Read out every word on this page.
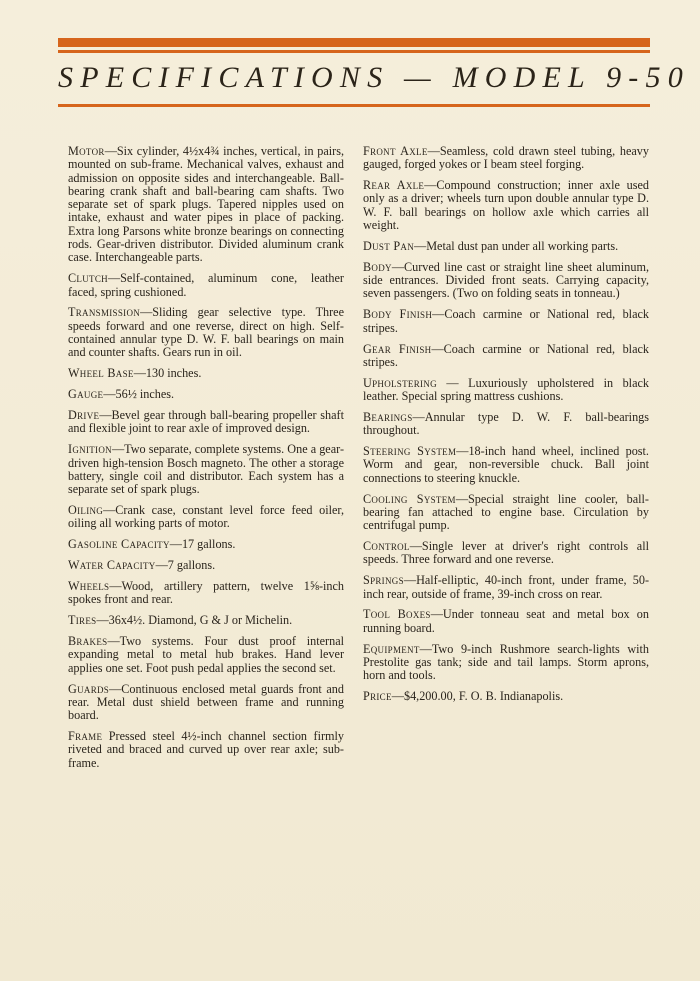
SPECIFICATIONS — MODEL 9-50

Motor—Six cylinder, 4½x4¾ inches, vertical, in pairs, mounted on sub-frame. Mechanical valves, exhaust and admission on opposite sides and interchangeable. Ball-bearing crank shaft and ball-bearing cam shafts. Two separate set of spark plugs. Tapered nipples used on intake, exhaust and water pipes in place of packing. Extra long Parsons white bronze bearings on connecting rods. Gear-driven distributor. Divided aluminum crank case. Interchangeable parts.

Clutch—Self-contained, aluminum cone, leather faced, spring cushioned.

Transmission—Sliding gear selective type. Three speeds forward and one reverse, direct on high. Self-contained annular type D. W. F. ball bearings on main and counter shafts. Gears run in oil.

Wheel Base—130 inches.

Gauge—56½ inches.

Drive—Bevel gear through ball-bearing propeller shaft and flexible joint to rear axle of improved design.

Ignition—Two separate, complete systems. One a gear-driven high-tension Bosch magneto. The other a storage battery, single coil and distributor. Each system has a separate set of spark plugs.

Oiling—Crank case, constant level force feed oiler, oiling all working parts of motor.

Gasoline Capacity—17 gallons.

Water Capacity—7 gallons.

Wheels—Wood, artillery pattern, twelve 1⅝-inch spokes front and rear.

Tires—36x4½. Diamond, G & J or Michelin.

Brakes—Two systems. Four dust proof internal expanding metal to metal hub brakes. Hand lever applies one set. Foot push pedal applies the second set.

Guards—Continuous enclosed metal guards front and rear. Metal dust shield between frame and running board.

Frame Pressed steel 4½-inch channel section firmly riveted and braced and curved up over rear axle; sub-frame.

Front Axle—Seamless, cold drawn steel tubing, heavy gauged, forged yokes or I beam steel forging.

Rear Axle—Compound construction; inner axle used only as a driver; wheels turn upon double annular type D. W. F. ball bearings on hollow axle which carries all weight.

Dust Pan—Metal dust pan under all working parts.

Body—Curved line cast or straight line sheet aluminum, side entrances. Divided front seats. Carrying capacity, seven passengers. (Two on folding seats in tonneau.)

Body Finish—Coach carmine or National red, black stripes.

Gear Finish—Coach carmine or National red, black stripes.

Upholstering — Luxuriously upholstered in black leather. Special spring mattress cushions.

Bearings—Annular type D. W. F. ball-bearings throughout.

Steering System—18-inch hand wheel, inclined post. Worm and gear, non-reversible chuck. Ball joint connections to steering knuckle.

Cooling System—Special straight line cooler, ball-bearing fan attached to engine base. Circulation by centrifugal pump.

Control—Single lever at driver's right controls all speeds. Three forward and one reverse.

Springs—Half-elliptic, 40-inch front, under frame, 50-inch rear, outside of frame, 39-inch cross on rear.

Tool Boxes—Under tonneau seat and metal box on running board.

Equipment—Two 9-inch Rushmore search-lights with Prestolite gas tank; side and tail lamps. Storm aprons, horn and tools.

Price—$4,200.00, F. O. B. Indianapolis.
